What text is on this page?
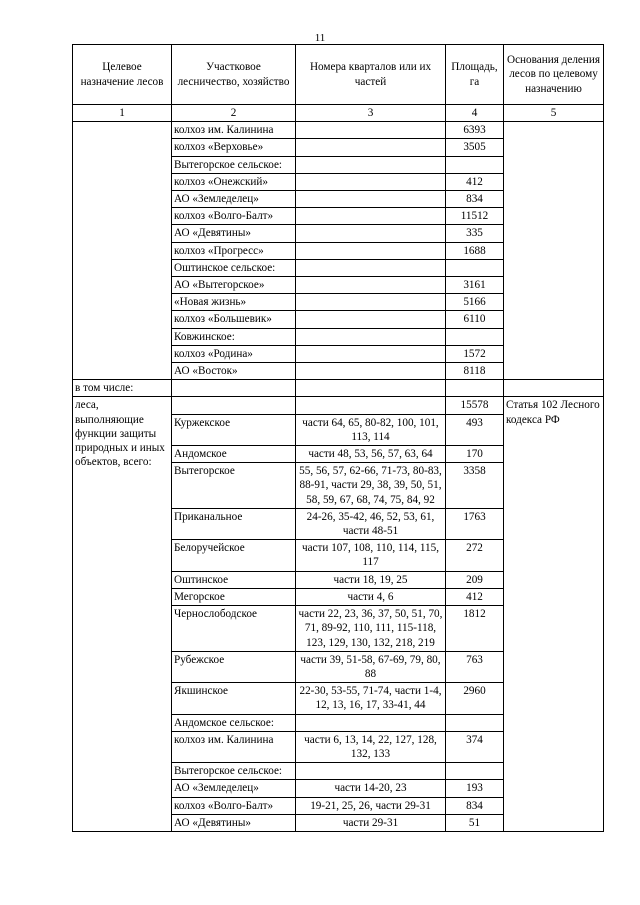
11
Целевое назначение лесов	Участковое лесничество, хозяйство	Номера кварталов или их частей	Площадь, га	Основания деления лесов по целевому назначению
1	2	3	4	5
	колхоз им. Калинина		6393	
	колхоз «Верховье»		3505	
	Вытегорское сельское:			
	колхоз «Онежский»		412	
	АО «Земледелец»		834	
	колхоз «Волго-Балт»		11512	
	АО «Девятины»		335	
	колхоз «Прогресс»		1688	
	Оштинское сельское:			
	АО «Вытегорское»		3161	
	«Новая жизнь»		5166	
	колхоз «Большевик»		6110	
	Ковжинское:			
	колхоз «Родина»		1572	
	АО «Восток»		8118	
в том числе:				
леса, выполняющие функции защиты природных и иных объектов, всего:			15578	Статья 102 Лесного кодекса РФ
	Куржекское	части 64, 65, 80-82, 100, 101, 113, 114	493	
	Андомское	части 48, 53, 56, 57, 63, 64	170	
	Вытегорское	55, 56, 57, 62-66, 71-73, 80-83, 88-91, части 29, 38, 39, 50, 51, 58, 59, 67, 68, 74, 75, 84, 92	3358	
	Приканальное	24-26, 35-42, 46, 52, 53, 61, части 48-51	1763	
	Белоручейское	части 107, 108, 110, 114, 115, 117	272	
	Оштинское	части 18, 19, 25	209	
	Мегорское	части 4, 6	412	
	Чернослободское	части 22, 23, 36, 37, 50, 51, 70, 71, 89-92, 110, 111, 115-118, 123, 129, 130, 132, 218, 219	1812	
	Рубежское	части 39, 51-58, 67-69, 79, 80, 88	763	
	Якшинское	22-30, 53-55, 71-74, части 1-4, 12, 13, 16, 17, 33-41, 44	2960	
	Андомское сельское:			
	колхоз им. Калинина	части 6, 13, 14, 22, 127, 128, 132, 133	374	
	Вытегорское сельское:			
	АО «Земледелец»	части 14-20, 23	193	
	колхоз «Волго-Балт»	19-21, 25, 26, части 29-31	834	
	АО «Девятины»	части 29-31	51	
